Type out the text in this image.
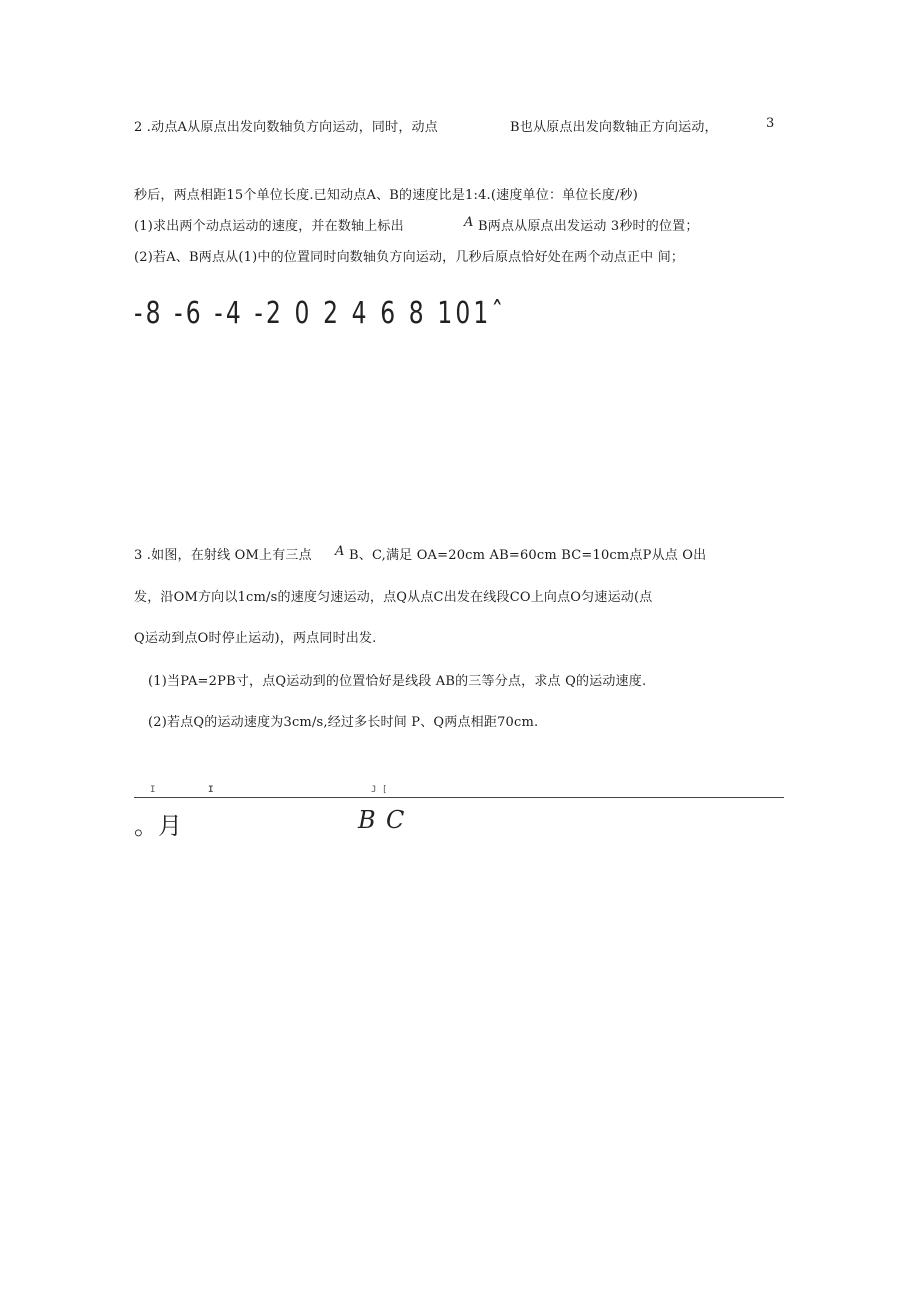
2 .动点A从原点出发向数轴负方向运动，同时，动点	B也从原点出发向数轴正方向运动，	3
秒后，两点相距15个单位长度.已知动点A、B的速度比是1:4.(速度单位：单位长度/秒)
(1)求出两个动点运动的速度，并在数轴上标出	A B两点从原点出发运动 3秒时的位置；
(2)若A、B两点从(1)中的位置同时向数轴负方向运动，几秒后原点恰好处在两个动点正中 间；
-8 -6 -4 -2 0 2 4 6 8 101ˆ
3 .如图，在射线 OM上有三点 A B、C,满足 OA=20cm AB=60cm BC=10cm点P从点 O出
发，沿OM方向以1cm/s的速度匀速运动，点Q从点C出发在线段CO上向点O匀速运动(点
Q运动到点O时停止运动)，两点同时出发.
(1)当PA=2PB寸，点Q运动到的位置恰好是线段 AB的三等分点，求点 Q的运动速度.
(2)若点Q的运动速度为3cm/s,经过多长时间 P、Q两点相距70cm.
I	I	J [
。月	B C
